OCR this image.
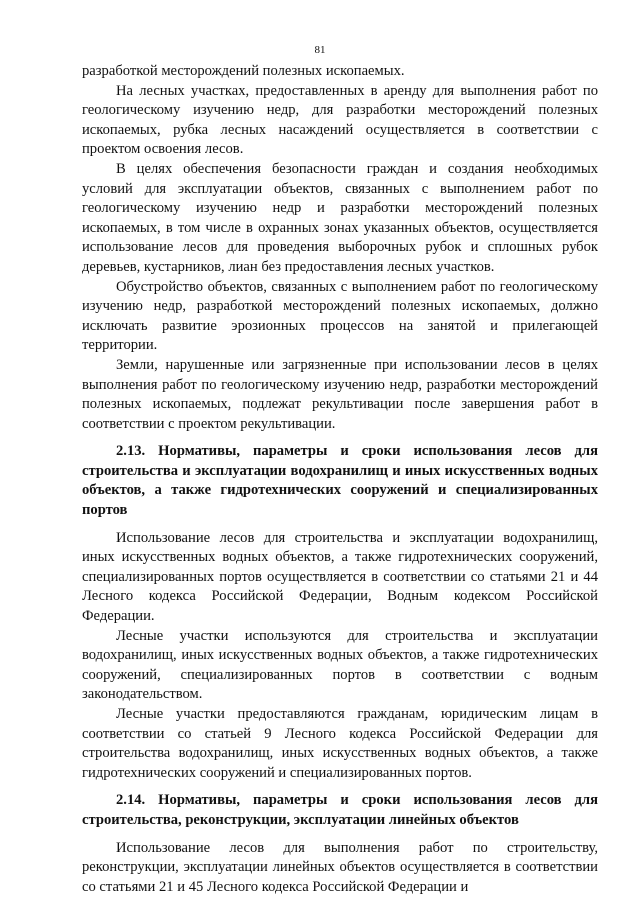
81

разработкой месторождений полезных ископаемых.

На лесных участках, предоставленных в аренду для выполнения работ по геологическому изучению недр, для разработки месторождений полезных ископаемых, рубка лесных насаждений осуществляется в соответствии с проектом освоения лесов.

В целях обеспечения безопасности граждан и создания необходимых условий для эксплуатации объектов, связанных с выполнением работ по геологическому изучению недр и разработки месторождений полезных ископаемых, в том числе в охранных зонах указанных объектов, осуществляется использование лесов для проведения выборочных рубок и сплошных рубок деревьев, кустарников, лиан без предоставления лесных участков.

Обустройство объектов, связанных с выполнением работ по геологическому изучению недр, разработкой месторождений полезных ископаемых, должно исключать развитие эрозионных процессов на занятой и прилегающей территории.

Земли, нарушенные или загрязненные при использовании лесов в целях выполнения работ по геологическому изучению недр, разработки месторождений полезных ископаемых, подлежат рекультивации после завершения работ в соответствии с проектом рекультивации.

2.13. Нормативы, параметры и сроки использования лесов для строительства и эксплуатации водохранилищ и иных искусственных водных объектов, а также гидротехнических сооружений и специализированных портов

Использование лесов для строительства и эксплуатации водохранилищ, иных искусственных водных объектов, а также гидротехнических сооружений, специализированных портов осуществляется в соответствии со статьями 21 и 44 Лесного кодекса Российской Федерации, Водным кодексом Российской Федерации.

Лесные участки используются для строительства и эксплуатации водохранилищ, иных искусственных водных объектов, а также гидротехнических сооружений, специализированных портов в соответствии с водным законодательством.

Лесные участки предоставляются гражданам, юридическим лицам в соответствии со статьей 9 Лесного кодекса Российской Федерации для строительства водохранилищ, иных искусственных водных объектов, а также гидротехнических сооружений и специализированных портов.

2.14. Нормативы, параметры и сроки использования лесов для строительства, реконструкции, эксплуатации линейных объектов

Использование лесов для выполнения работ по строительству, реконструкции, эксплуатации линейных объектов осуществляется в соответствии со статьями 21 и 45 Лесного кодекса Российской Федерации и
